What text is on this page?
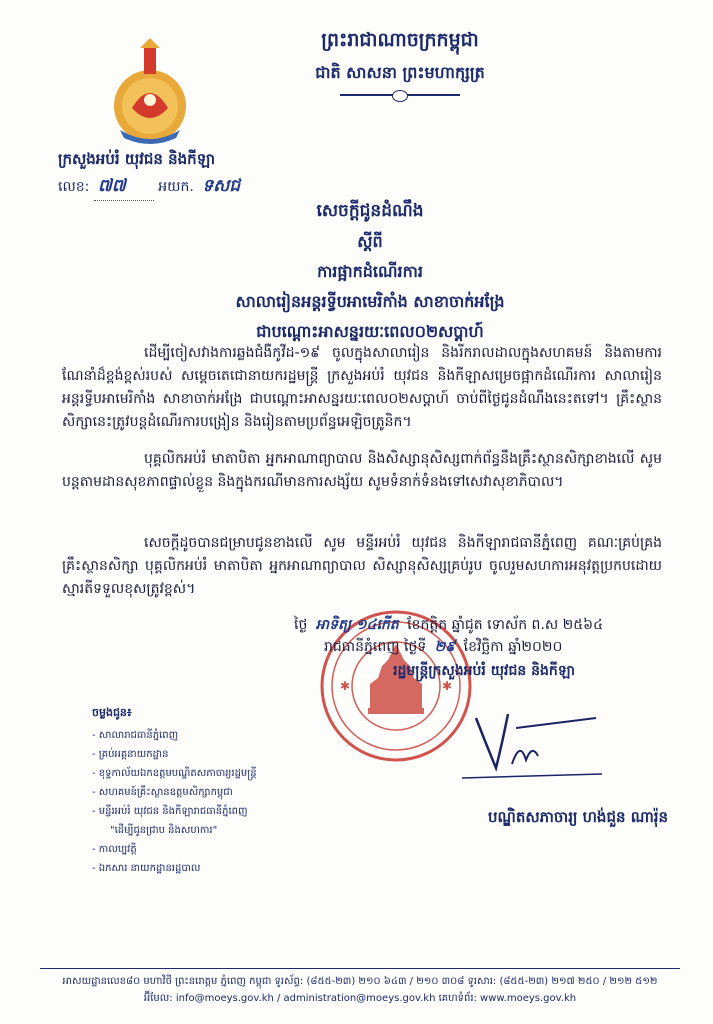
ព្រះរាជាណាចក្រកម្ពុជា
ជាតិ សាសនា ព្រះមហាក្សត្រ
ក្រសួងអប់រំ យុវជន និងកីឡា
លេខ: ៧៧ អយក. ទសជ
សេចក្តីជូនដំណឹង
ស្តីពី
ការផ្អាកដំណើរការ
សាលារៀនអន្តរទ្វីបអាមេរិកាំង សាខាចាក់អង្រែ
ជាបណ្តោះអាសន្នរយៈពេល០២សប្តាហ៍

ដើម្បីចៀសវាងការឆ្លងជំងឺកូវីដ-១៩ ចូលក្នុងសាលារៀន និងរីករាលដាលក្នុងសហគមន៍ និងតាមការណែនាំដ៏ខ្ពង់ខ្ពស់របស់ សម្តេចតេជោនាយករដ្ឋមន្ត្រី ក្រសួងអប់រំ យុវជន និងកីឡាសម្រេចផ្អាកដំណើរការ សាលារៀនអន្តរទ្វីបអាមេរិកាំង សាខាចាក់អង្រែ ជាបណ្តោះអាសន្នរយៈពេល០២សប្តាហ៍ ចាប់ពីថ្ងៃជូនដំណឹងនេះតទៅ។ គ្រឹះស្ថានសិក្សានេះត្រូវបន្តដំណើរការបង្រៀន និងរៀនតាមប្រព័ន្ធអេឡិចត្រូនិក។

បុគ្គលិកអប់រំ មាតាបិតា អ្នកអាណាព្យាបាល និងសិស្សានុសិស្សពាក់ព័ន្ធនឹងគ្រឹះស្ថានសិក្សាខាងលើ សូមបន្តតាមដានសុខភាពផ្ទាល់ខ្លួន និងក្នុងករណីមានការសង្ស័យ សូមទំនាក់ទំនងទៅសេវាសុខាភិបាល។

សេចក្តីដូចបានជម្រាបជូនខាងលើ សូម មន្ទីរអប់រំ យុវជន និងកីឡារាជធានីភ្នំពេញ គណៈគ្រប់គ្រងគ្រឹះស្ថានសិក្សា បុគ្គលិកអប់រំ មាតាបិតា អ្នកអាណាព្យាបាល សិស្សានុសិស្សគ្រប់រូប ចូលរួមសហការអនុវត្តប្រកបដោយស្មារតីទទួលខុសត្រូវខ្ពស់។

✱	✱
ថ្ងៃ អាទិត្យ ១៤កើត ខែកត្តិក ឆ្នាំជូត ទោស័ក ព.ស ២៥៦៤
រាជធានីភ្នំពេញ ថ្ងៃទី ២៩ ខែវិច្ឆិកា ឆ្នាំ២០២០
រដ្ឋមន្ត្រីក្រសួងអប់រំ យុវជន និងកីឡា
បណ្ឌិតសភាចារ្យ ហង់ជួន ណារ៉ុន
ចម្លងជូន៖
- សាលារាជធានីភ្នំពេញ
- គ្រប់អគ្គនាយកដ្ឋាន
- ខុទ្ទកាល័យឯកឧត្តមបណ្ឌិតសភាចារ្យរដ្ឋមន្ត្រី
- សហគមន៍គ្រឹះស្ថានឧត្តមសិក្សាកម្ពុជា
- មន្ទីរអប់រំ យុវជន និងកីឡារាជធានីភ្នំពេញ
"ដើម្បីជូនជ្រាប និងសហការ"
- កាលប្បវត្តិ
- ឯកសារ នាយកដ្ឋានរដ្ឋបាល
អាសយដ្ឋានលេខ៨០ មហាវិថី ព្រះនរោត្តម ភ្នំពេញ កម្ពុជា ទូរស័ព្ទ: (៨៥៥-២៣) ២១០ ៦៤៣ / ២១០ ៣០៨ ទូរសារ: (៨៥៥-២៣) ២១៧ ២៥០ / ២១២ ៥១២
អ៊ីមែល: info@moeys.gov.kh / administration@moeys.gov.kh គេហទំព័រ: www.moeys.gov.kh
